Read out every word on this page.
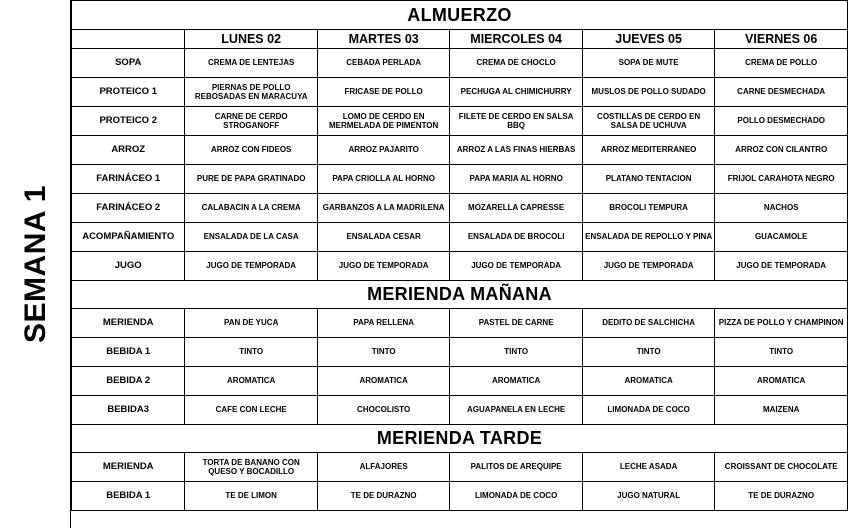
SEMANA 1
ALMUERZO					
	LUNES 02	MARTES 03	MIERCOLES 04	JUEVES 05	VIERNES 06
SOPA	CREMA DE LENTEJAS	CEBADA PERLADA	CREMA DE CHOCLO	SOPA DE MUTE	CREMA DE POLLO
PROTEICO 1	PIERNAS DE POLLO REBOSADAS EN MARACUYA	FRICASE DE POLLO	PECHUGA AL CHIMICHURRY	MUSLOS DE POLLO SUDADO	CARNE DESMECHADA
PROTEICO 2	CARNE DE CERDO STROGANOFF	LOMO DE CERDO EN MERMELADA DE PIMENTON	FILETE DE CERDO EN SALSA BBQ	COSTILLAS DE CERDO EN SALSA DE UCHUVA	POLLO DESMECHADO
ARROZ	ARROZ CON FIDEOS	ARROZ PAJARITO	ARROZ A LAS FINAS HIERBAS	ARROZ MEDITERRANEO	ARROZ CON CILANTRO
FARINÁCEO 1	PURE DE PAPA GRATINADO	PAPA CRIOLLA AL HORNO	PAPA MARIA AL HORNO	PLATANO TENTACION	FRIJOL CARAHOTA NEGRO
FARINÁCEO 2	CALABACIN A LA CREMA	GARBANZOS A LA MADRILENA	MOZARELLA CAPRESSE	BROCOLI TEMPURA	NACHOS
ACOMPAÑAMIENTO	ENSALADA DE LA CASA	ENSALADA CESAR	ENSALADA DE BROCOLI	ENSALADA DE REPOLLO Y PINA	GUACAMOLE
JUGO	JUGO DE TEMPORADA	JUGO DE TEMPORADA	JUGO DE TEMPORADA	JUGO DE TEMPORADA	JUGO DE TEMPORADA
MERIENDA MAÑANA					
MERIENDA	PAN DE YUCA	PAPA RELLENA	PASTEL DE CARNE	DEDITO DE SALCHICHA	PIZZA DE POLLO Y CHAMPINON
BEBIDA 1	TINTO	TINTO	TINTO	TINTO	TINTO
BEBIDA 2	AROMATICA	AROMATICA	AROMATICA	AROMATICA	AROMATICA
BEBIDA3	CAFE CON LECHE	CHOCOLISTO	AGUAPANELA EN LECHE	LIMONADA DE COCO	MAIZENA
MERIENDA TARDE					
MERIENDA	TORTA DE BANANO CON QUESO Y BOCADILLO	ALFAJORES	PALITOS DE AREQUIPE	LECHE ASADA	CROISSANT DE CHOCOLATE
BEBIDA 1	TE DE LIMON	TE DE DURAZNO	LIMONADA DE COCO	JUGO NATURAL	TE DE DURAZNO
